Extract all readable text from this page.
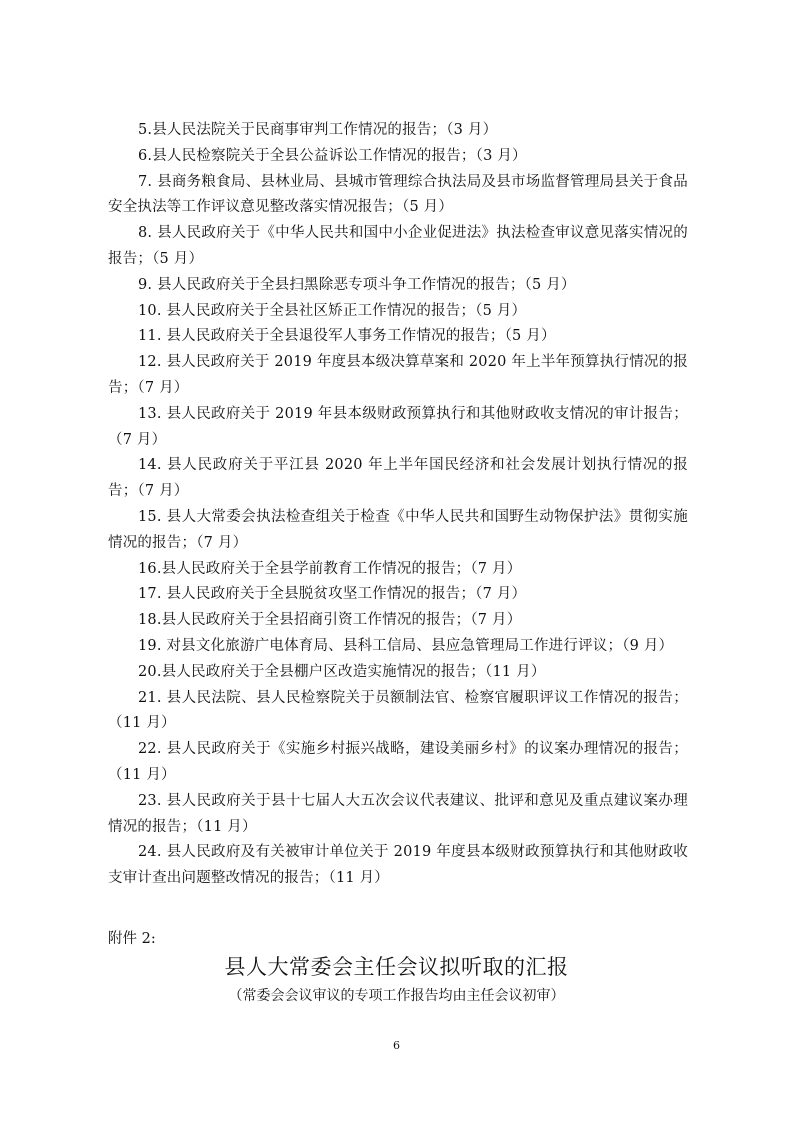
5.县人民法院关于民商事审判工作情况的报告；（3 月）

6.县人民检察院关于全县公益诉讼工作情况的报告；（3 月）

7. 县商务粮食局、县林业局、县城市管理综合执法局及县市场监督管理局县关于食品安全执法等工作评议意见整改落实情况报告；（5 月）

8. 县人民政府关于《中华人民共和国中小企业促进法》执法检查审议意见落实情况的报告；（5 月）

9. 县人民政府关于全县扫黑除恶专项斗争工作情况的报告；（5 月）

10. 县人民政府关于全县社区矫正工作情况的报告；（5 月）

11. 县人民政府关于全县退役军人事务工作情况的报告；（5 月）

12. 县人民政府关于 2019 年度县本级决算草案和 2020 年上半年预算执行情况的报告；（7 月）

13. 县人民政府关于 2019 年县本级财政预算执行和其他财政收支情况的审计报告；（7 月）

14. 县人民政府关于平江县 2020 年上半年国民经济和社会发展计划执行情况的报告；（7 月）

15. 县人大常委会执法检查组关于检查《中华人民共和国野生动物保护法》贯彻实施情况的报告；（7 月）

16.县人民政府关于全县学前教育工作情况的报告；（7 月）

17. 县人民政府关于全县脱贫攻坚工作情况的报告；（7 月）

18.县人民政府关于全县招商引资工作情况的报告；（7 月）

19. 对县文化旅游广电体育局、县科工信局、县应急管理局工作进行评议；（9 月）

20.县人民政府关于全县棚户区改造实施情况的报告；（11 月）

21. 县人民法院、县人民检察院关于员额制法官、检察官履职评议工作情况的报告；（11 月）

22. 县人民政府关于《实施乡村振兴战略，建设美丽乡村》的议案办理情况的报告；（11 月）

23. 县人民政府关于县十七届人大五次会议代表建议、批评和意见及重点建议案办理情况的报告；（11 月）

24. 县人民政府及有关被审计单位关于 2019 年度县本级财政预算执行和其他财政收支审计查出问题整改情况的报告；（11 月）

附件 2:
县人大常委会主任会议拟听取的汇报
（常委会会议审议的专项工作报告均由主任会议初审）
6
